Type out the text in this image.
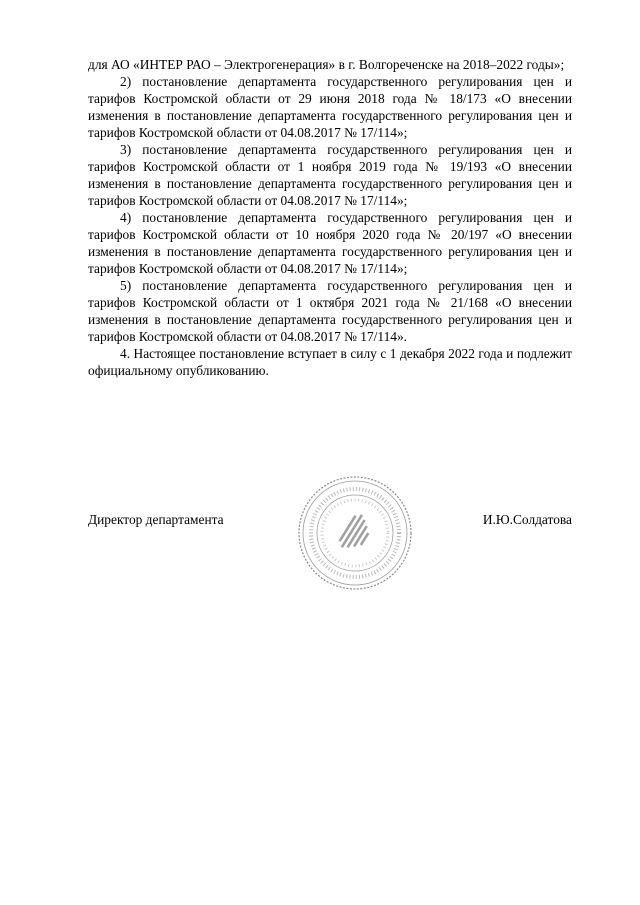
для АО «ИНТЕР РАО – Электрогенерация» в г. Волгореченске на 2018–2022 годы»;

2) постановление департамента государственного регулирования цен и тарифов Костромской области от 29 июня 2018 года № 18/173 «О внесении изменения в постановление департамента государственного регулирования цен и тарифов Костромской области от 04.08.2017 № 17/114»;

3) постановление департамента государственного регулирования цен и тарифов Костромской области от 1 ноября 2019 года № 19/193 «О внесении изменения в постановление департамента государственного регулирования цен и тарифов Костромской области от 04.08.2017 № 17/114»;

4) постановление департамента государственного регулирования цен и тарифов Костромской области от 10 ноября 2020 года № 20/197 «О внесении изменения в постановление департамента государственного регулирования цен и тарифов Костромской области от 04.08.2017 № 17/114»;

5) постановление департамента государственного регулирования цен и тарифов Костромской области от 1 октября 2021 года № 21/168 «О внесении изменения в постановление департамента государственного регулирования цен и тарифов Костромской области от 04.08.2017 № 17/114».

4. Настоящее постановление вступает в силу с 1 декабря 2022 года и подлежит официальному опубликованию.

Директор департамента	И.Ю.Солдатова
